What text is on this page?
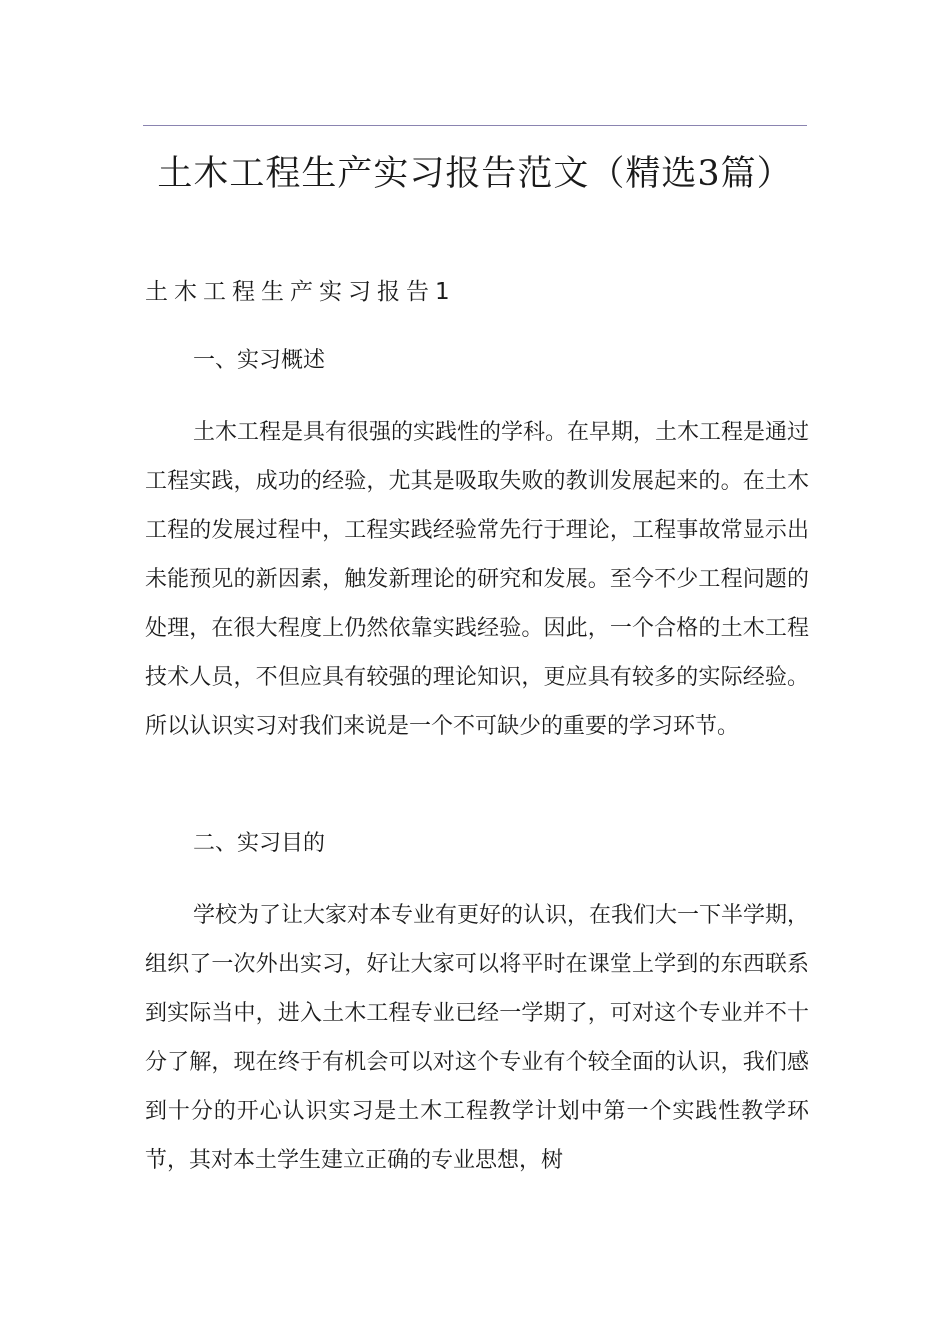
土木工程生产实习报告范文（精选3篇）
土木工程生产实习报告1
一、实习概述

土木工程是具有很强的实践性的学科。在早期，土木工程是通过工程实践，成功的经验，尤其是吸取失败的教训发展起来的。在土木工程的发展过程中，工程实践经验常先行于理论，工程事故常显示出未能预见的新因素，触发新理论的研究和发展。至今不少工程问题的处理，在很大程度上仍然依靠实践经验。因此，一个合格的土木工程技术人员，不但应具有较强的理论知识，更应具有较多的实际经验。所以认识实习对我们来说是一个不可缺少的重要的学习环节。

二、实习目的

学校为了让大家对本专业有更好的认识，在我们大一下半学期，组织了一次外出实习，好让大家可以将平时在课堂上学到的东西联系到实际当中，进入土木工程专业已经一学期了，可对这个专业并不十分了解，现在终于有机会可以对这个专业有个较全面的认识，我们感到十分的开心认识实习是土木工程教学计划中第一个实践性教学环节，其对本土学生建立正确的专业思想，树
